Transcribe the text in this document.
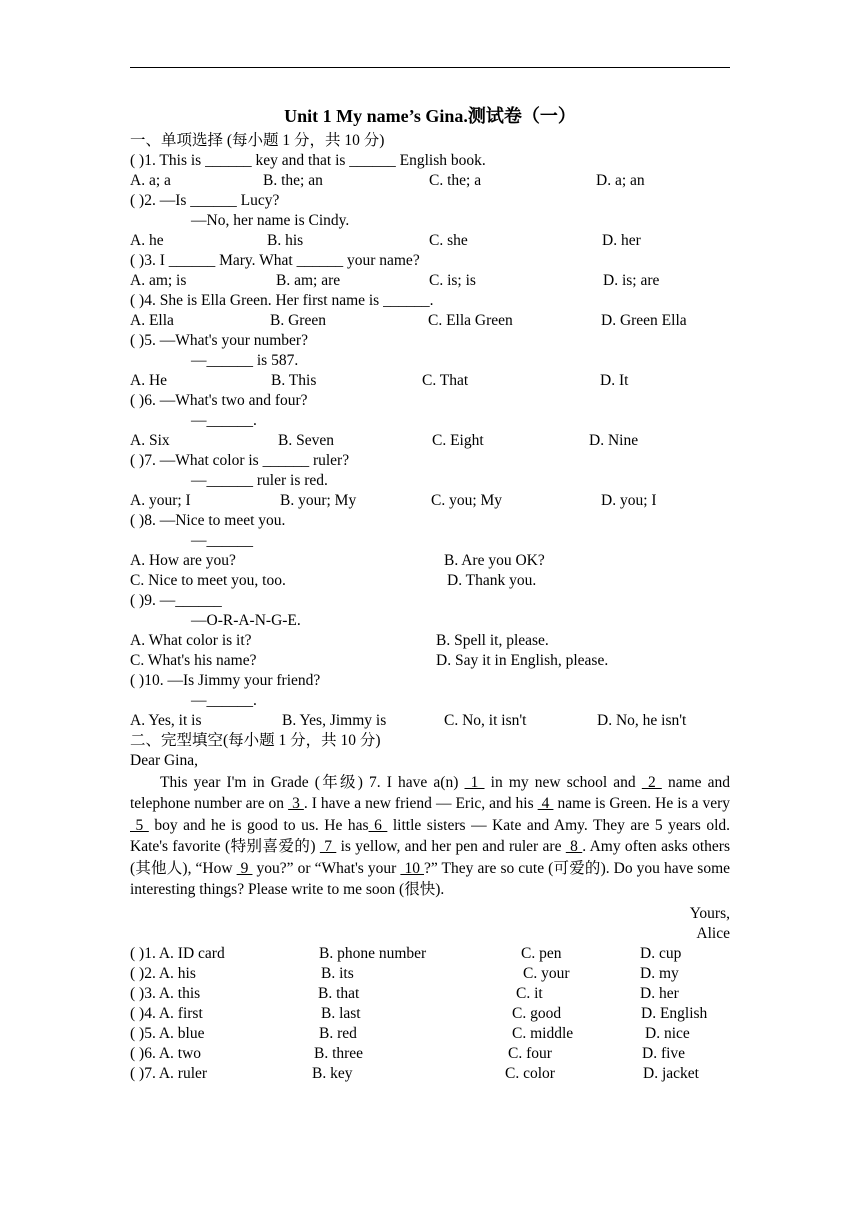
Unit 1 My name’s Gina.测试卷（一）
一、单项选择 (每小题 1 分，共 10 分)
( )1. This is ______ key and that is ______ English book.
A. a; a	B. the; an	C. the; a	D. a; an
( )2. —Is ______ Lucy?
—No, her name is Cindy.
A. he	B. his	C. she	D. her
( )3. I ______ Mary. What ______ your name?
A. am; is	B. am; are	C. is; is	D. is; are
( )4. She is Ella Green. Her first name is ______.
A. Ella	B. Green	C. Ella Green	D. Green Ella
( )5. —What's your number?
—______ is 587.
A. He	B. This	C. That	D. It
( )6. —What's two and four?
—______.
A. Six	B. Seven	C. Eight	D. Nine
( )7. —What color is ______ ruler?
—______ ruler is red.
A. your; I	B. your; My	C. you; My	D. you; I
( )8. —Nice to meet you.
—______
A. How are you?	B. Are you OK?
C. Nice to meet you, too.	D. Thank you.
( )9. —______
—O-R-A-N-G-E.
A. What color is it?	B. Spell it, please.
C. What's his name?	D. Say it in English, please.
( )10. —Is Jimmy your friend?
—______.
A. Yes, it is	B. Yes, Jimmy is	C. No, it isn't	D. No, he isn't
二、完型填空(每小题 1 分，共 10 分)
Dear Gina,
This year I'm in Grade (年级) 7. I have a(n)  1  in my new school and  2  name and telephone number are on  3 . I have a new friend — Eric, and his  4  name is Green. He is a very  5  boy and he is good to us. He has 6  little sisters — Kate and Amy. They are 5 years old. Kate's favorite (特别喜爱的)  7  is yellow, and her pen and ruler are  8 . Amy often asks others (其他人), “How  9  you?” or “What's your  10 ?” They are so cute (可爱的). Do you have some interesting things? Please write to me soon (很快).
Yours,
Alice
( )1. A. ID card	B. phone number	C. pen	D. cup
( )2. A. his	B. its	C. your	D. my
( )3. A. this	B. that	C. it	D. her
( )4. A. first	B. last	C. good	D. English
( )5. A. blue	B. red	C. middle	D. nice
( )6. A. two	B. three	C. four	D. five
( )7. A. ruler	B. key	C. color	D. jacket
